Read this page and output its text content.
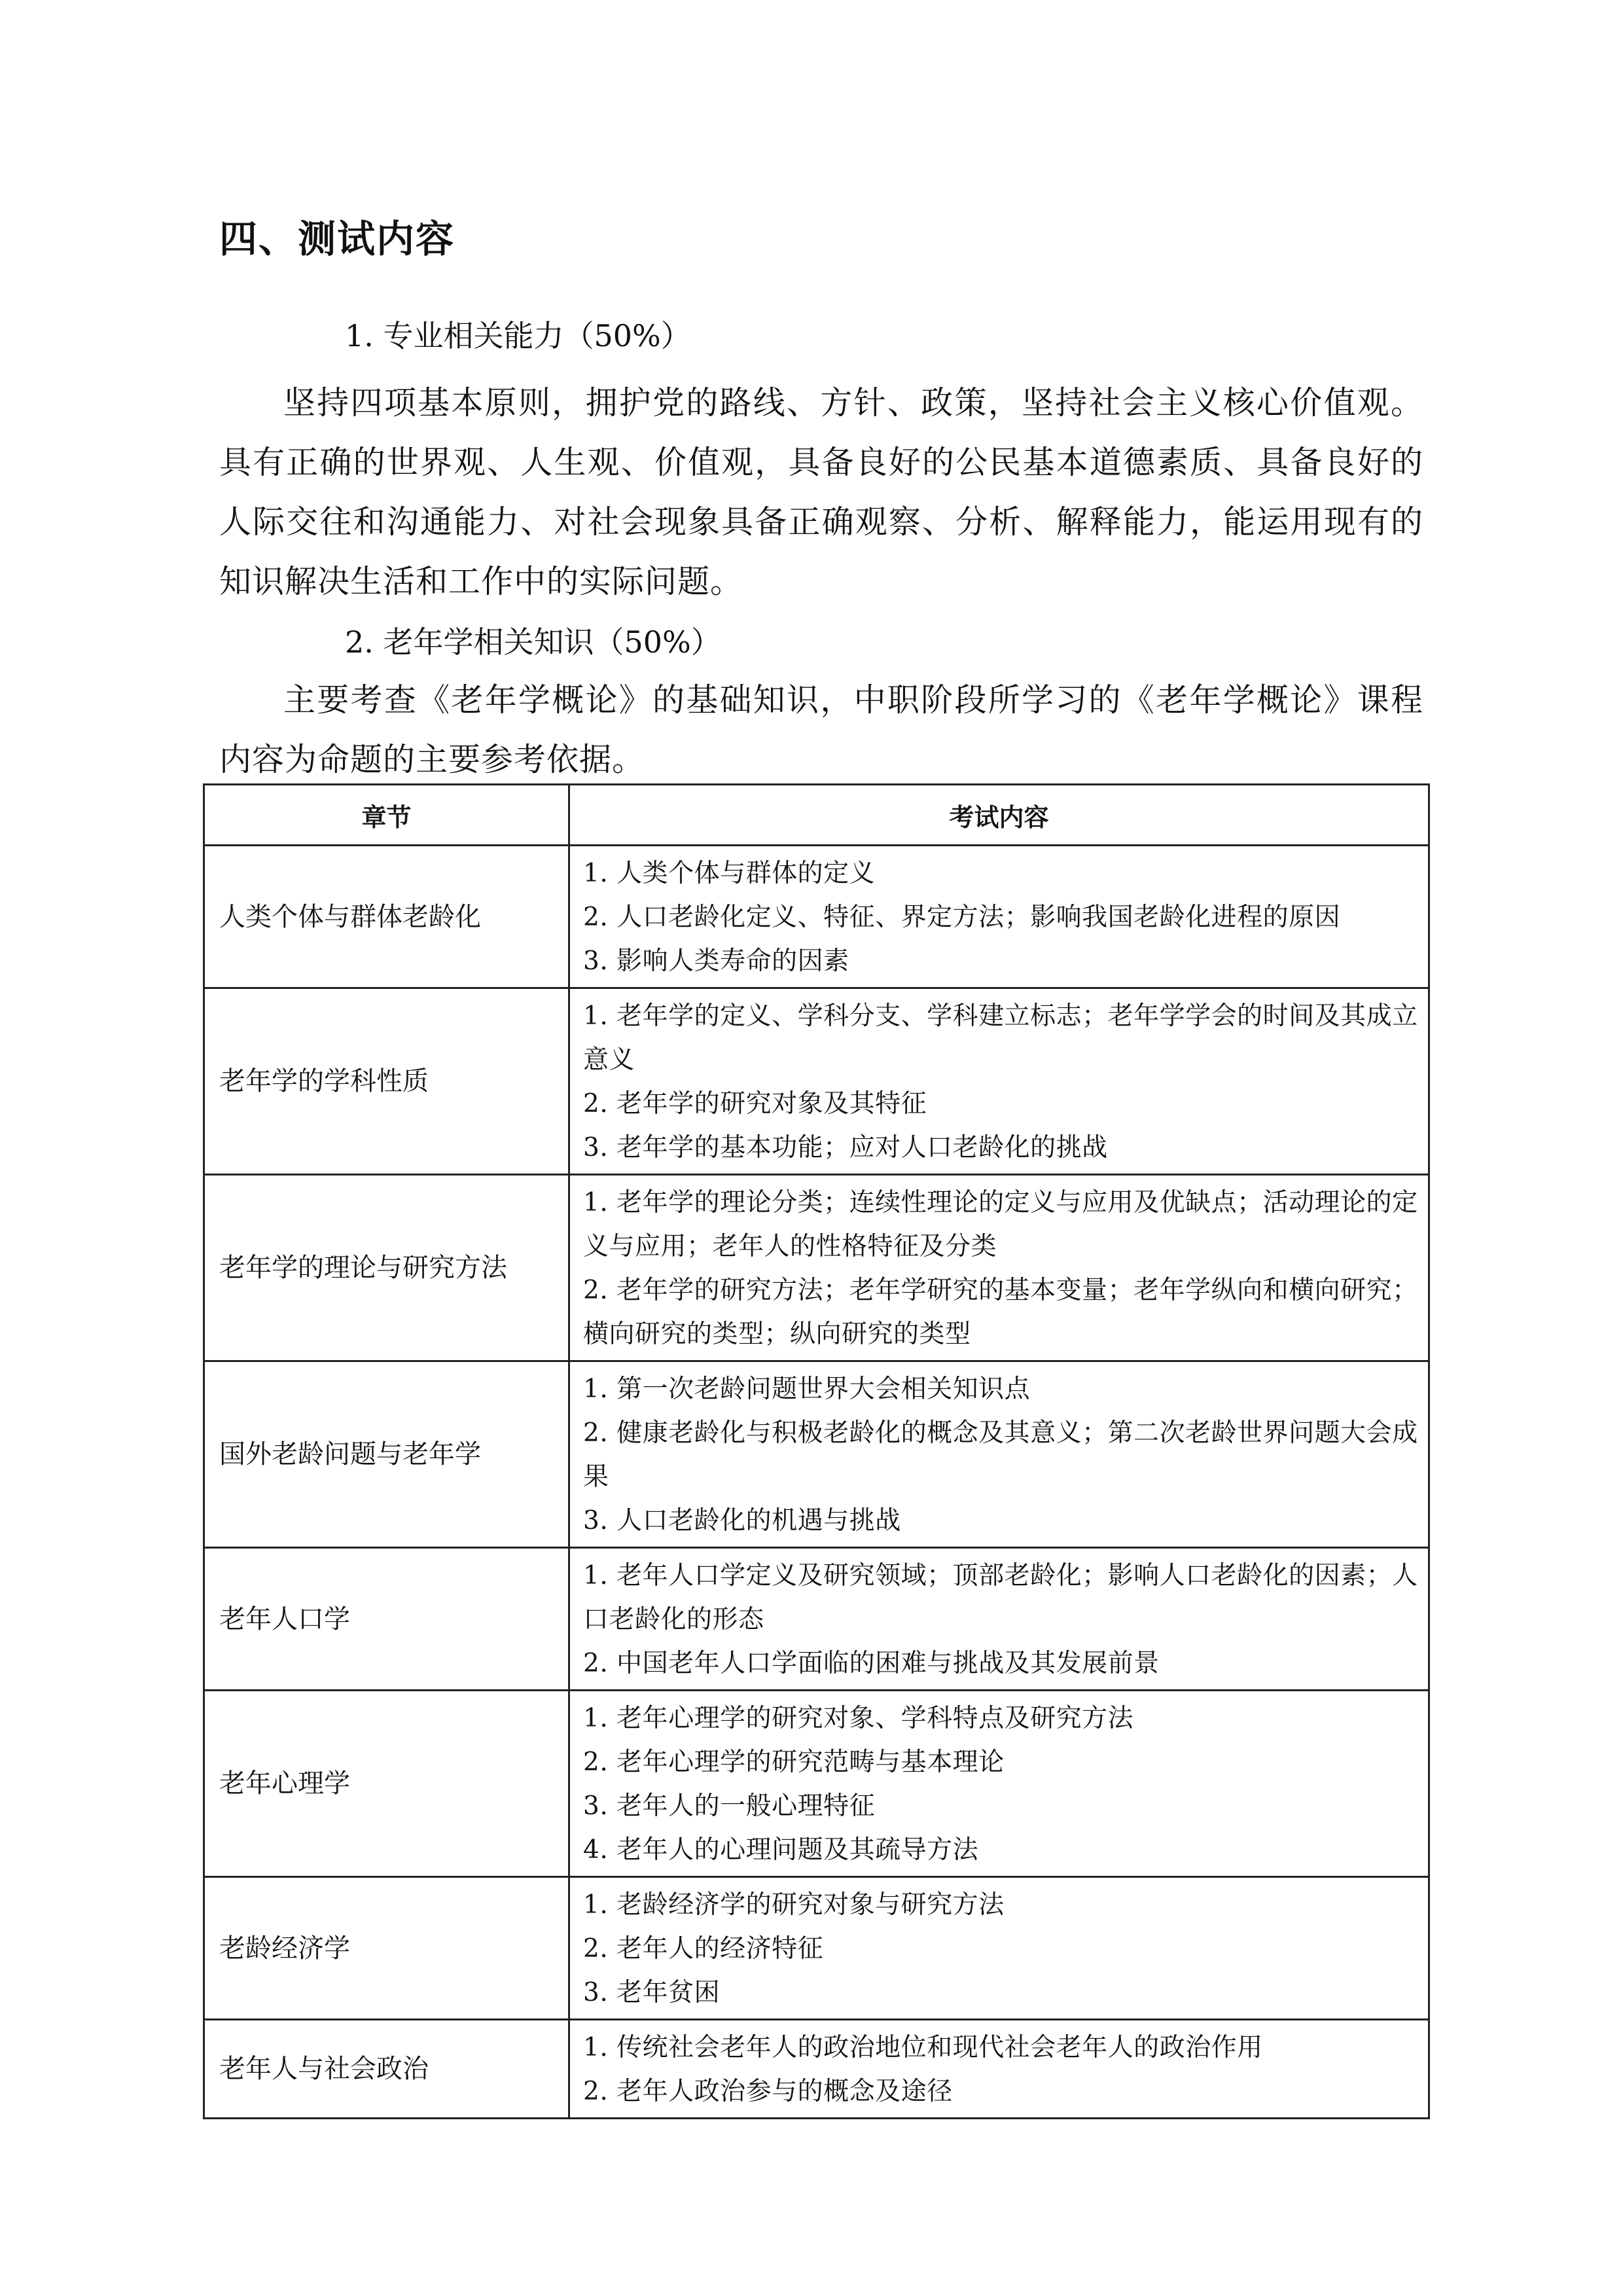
四、测试内容
1. 专业相关能力（50%）
坚持四项基本原则，拥护党的路线、方针、政策，坚持社会主义核心价值观。具有正确的世界观、人生观、价值观，具备良好的公民基本道德素质、具备良好的人际交往和沟通能力、对社会现象具备正确观察、分析、解释能力，能运用现有的知识解决生活和工作中的实际问题。
2. 老年学相关知识（50%）
主要考查《老年学概论》的基础知识，中职阶段所学习的《老年学概论》课程内容为命题的主要参考依据。
章节	考试内容
人类个体与群体老龄化	1. 人类个体与群体的定义
2. 人口老龄化定义、特征、界定方法；影响我国老龄化进程的原因
3. 影响人类寿命的因素

老年学的学科性质	1. 老年学的定义、学科分支、学科建立标志；老年学学会的时间及其成立意义
2. 老年学的研究对象及其特征
3. 老年学的基本功能；应对人口老龄化的挑战

老年学的理论与研究方法	1. 老年学的理论分类；连续性理论的定义与应用及优缺点；活动理论的定义与应用；老年人的性格特征及分类
2. 老年学的研究方法；老年学研究的基本变量；老年学纵向和横向研究；横向研究的类型；纵向研究的类型

国外老龄问题与老年学	1. 第一次老龄问题世界大会相关知识点
2. 健康老龄化与积极老龄化的概念及其意义；第二次老龄世界问题大会成果
3. 人口老龄化的机遇与挑战

老年人口学	1. 老年人口学定义及研究领域；顶部老龄化；影响人口老龄化的因素；人口老龄化的形态
2. 中国老年人口学面临的困难与挑战及其发展前景

老年心理学	1. 老年心理学的研究对象、学科特点及研究方法
2. 老年心理学的研究范畴与基本理论
3. 老年人的一般心理特征
4. 老年人的心理问题及其疏导方法

老龄经济学	1. 老龄经济学的研究对象与研究方法
2. 老年人的经济特征
3. 老年贫困

老年人与社会政治	1. 传统社会老年人的政治地位和现代社会老年人的政治作用
2. 老年人政治参与的概念及途径
